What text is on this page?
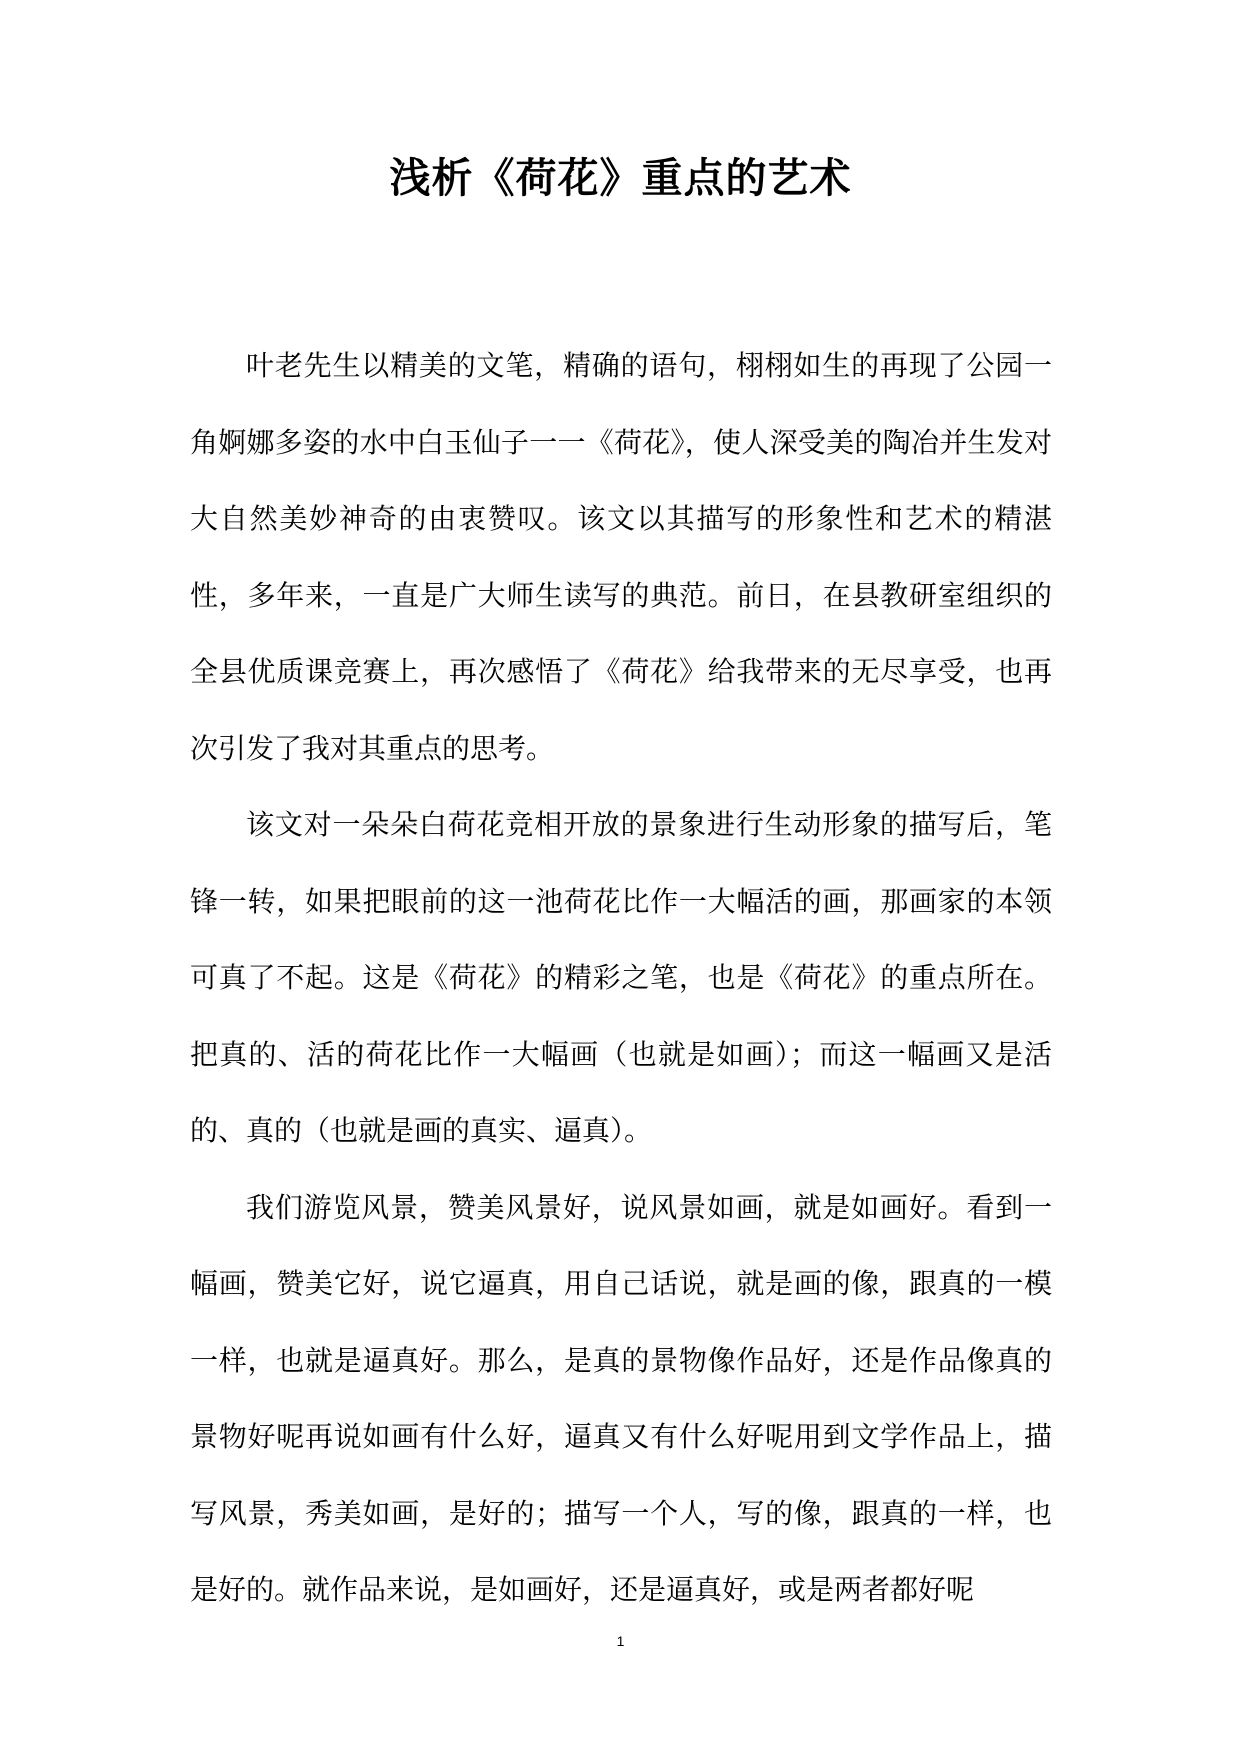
浅析《荷花》重点的艺术

叶老先生以精美的文笔，精确的语句，栩栩如生的再现了公园一角婀娜多姿的水中白玉仙子一一《荷花》，使人深受美的陶冶并生发对大自然美妙神奇的由衷赞叹。该文以其描写的形象性和艺术的精湛性，多年来，一直是广大师生读写的典范。前日，在县教研室组织的全县优质课竞赛上，再次感悟了《荷花》给我带来的无尽享受，也再次引发了我对其重点的思考。

该文对一朵朵白荷花竞相开放的景象进行生动形象的描写后，笔锋一转，如果把眼前的这一池荷花比作一大幅活的画，那画家的本领可真了不起。这是《荷花》的精彩之笔，也是《荷花》的重点所在。把真的、活的荷花比作一大幅画（也就是如画）；而这一幅画又是活的、真的（也就是画的真实、逼真）。

我们游览风景，赞美风景好，说风景如画，就是如画好。看到一幅画，赞美它好，说它逼真，用自己话说，就是画的像，跟真的一模一样，也就是逼真好。那么，是真的景物像作品好，还是作品像真的景物好呢再说如画有什么好，逼真又有什么好呢用到文学作品上，描写风景，秀美如画，是好的；描写一个人，写的像，跟真的一样，也是好的。就作品来说，是如画好，还是逼真好，或是两者都好呢

1
